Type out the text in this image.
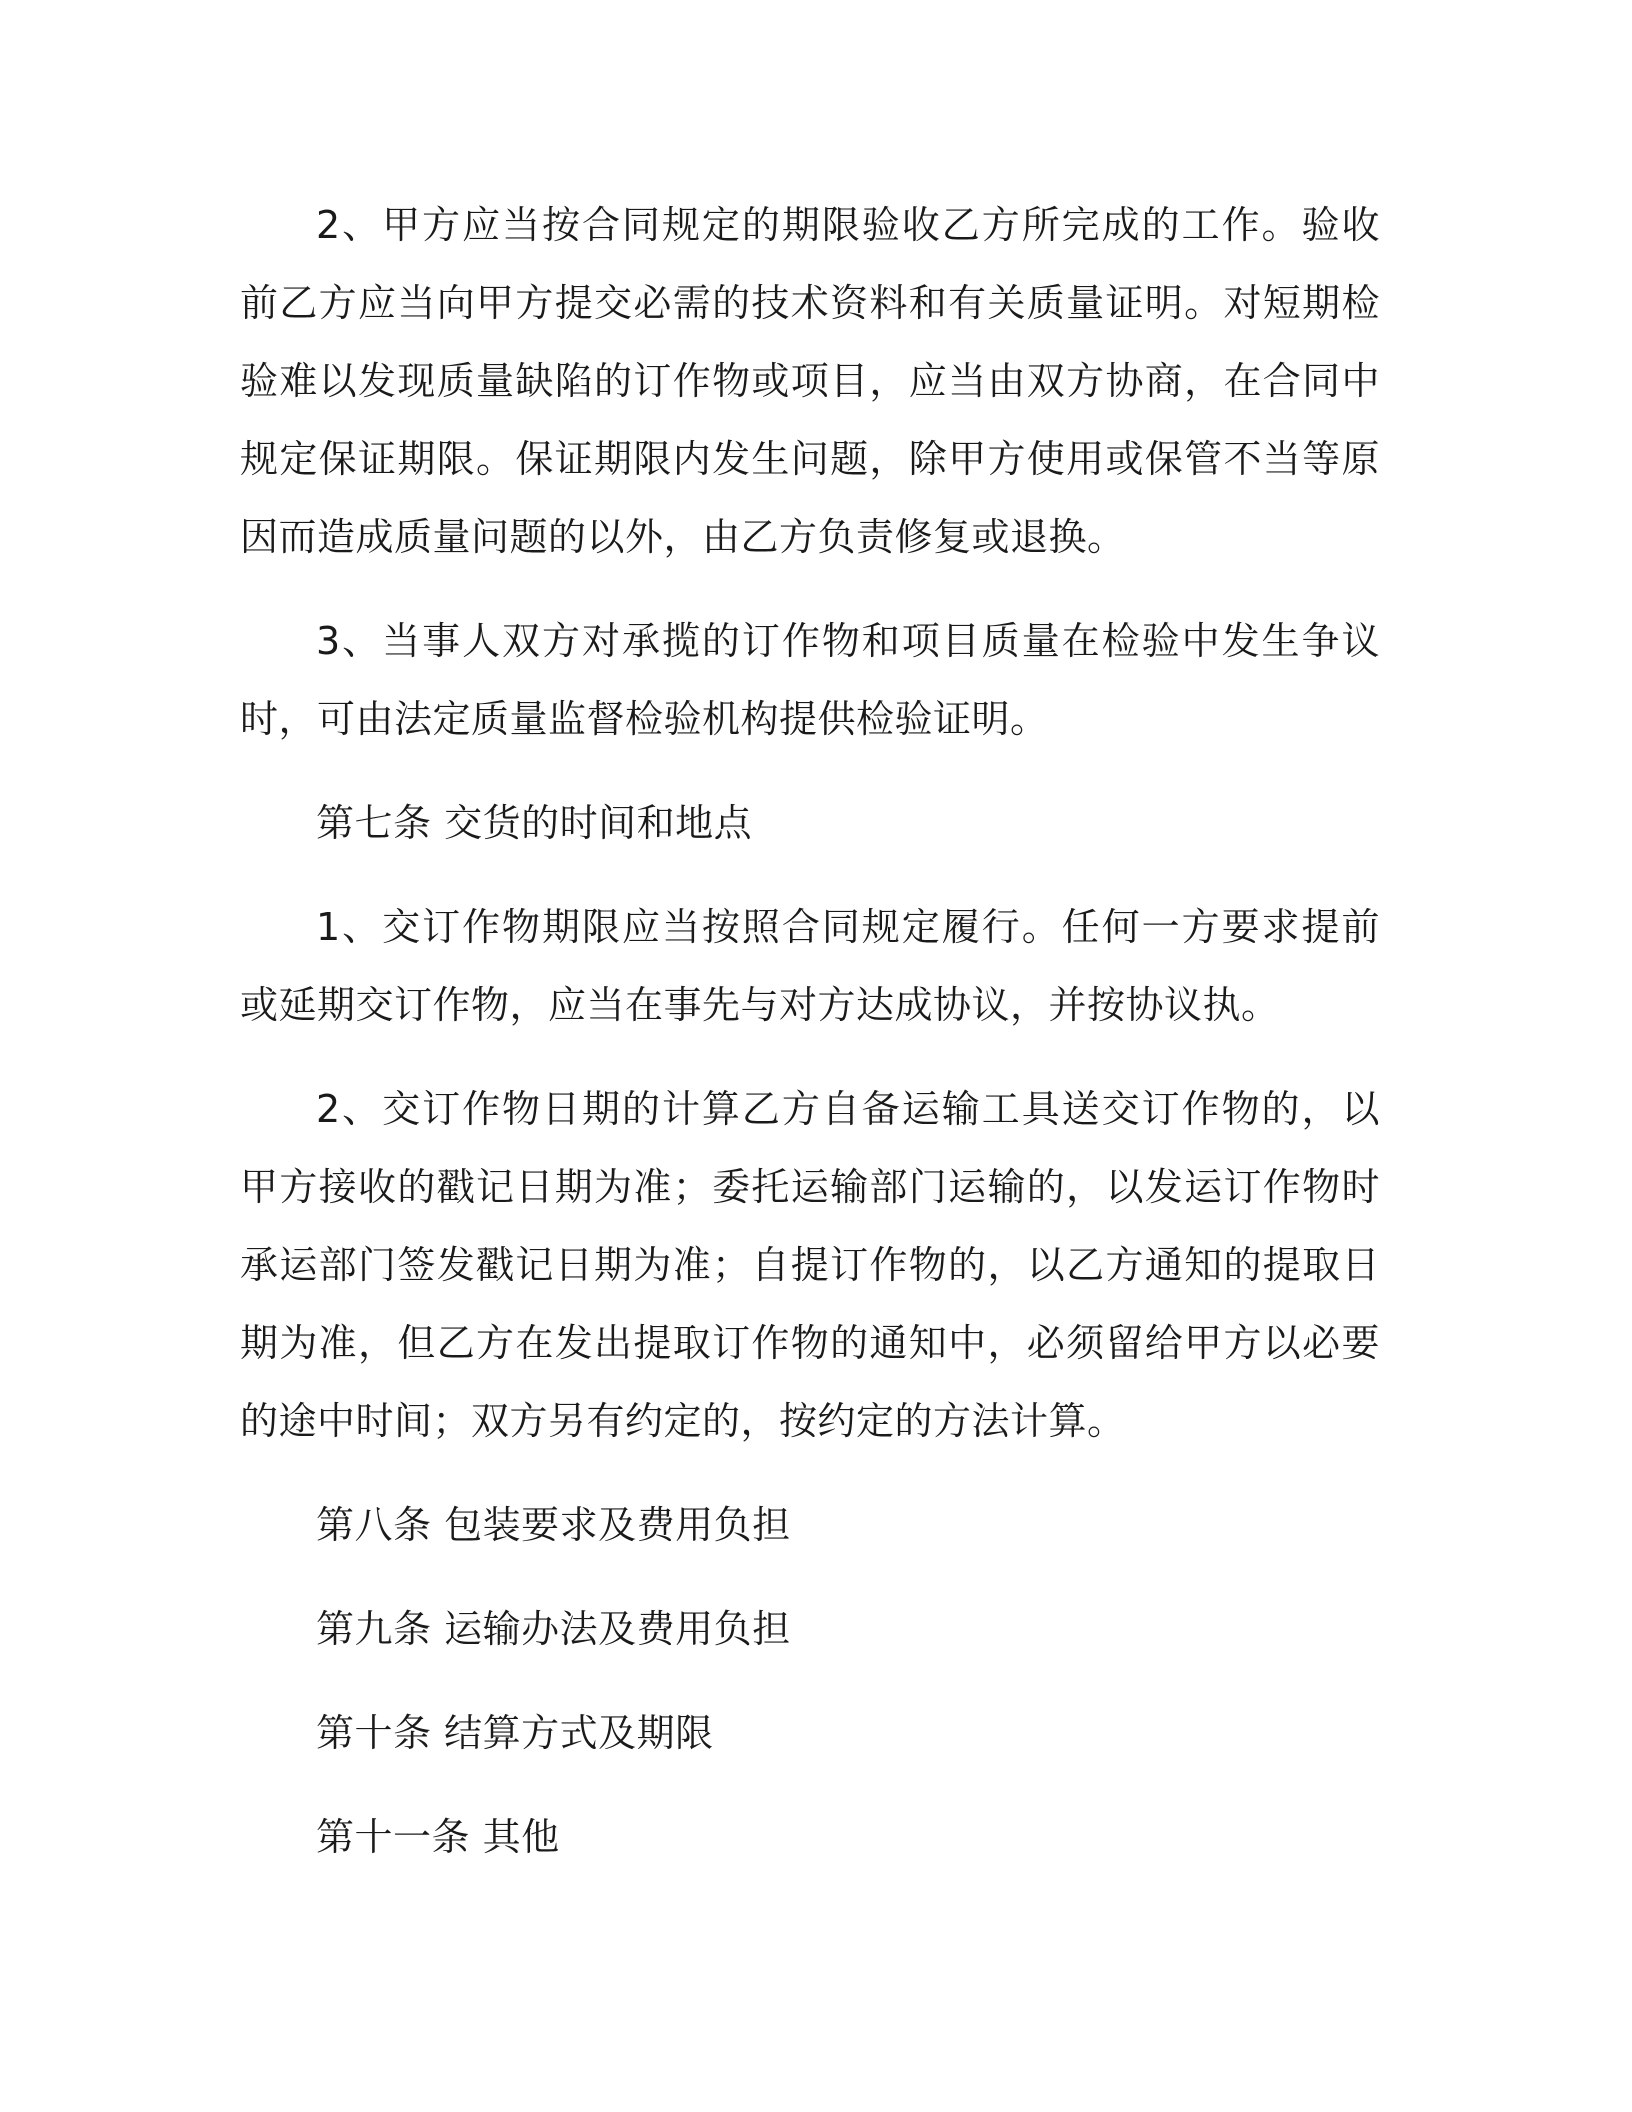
2、甲方应当按合同规定的期限验收乙方所完成的工作。验收前乙方应当向甲方提交必需的技术资料和有关质量证明。对短期检验难以发现质量缺陷的订作物或项目，应当由双方协商，在合同中规定保证期限。保证期限内发生问题，除甲方使用或保管不当等原因而造成质量问题的以外，由乙方负责修复或退换。

3、当事人双方对承揽的订作物和项目质量在检验中发生争议时，可由法定质量监督检验机构提供检验证明。

第七条 交货的时间和地点

1、交订作物期限应当按照合同规定履行。任何一方要求提前或延期交订作物，应当在事先与对方达成协议，并按协议执。

2、交订作物日期的计算乙方自备运输工具送交订作物的，以甲方接收的戳记日期为准；委托运输部门运输的，以发运订作物时承运部门签发戳记日期为准；自提订作物的，以乙方通知的提取日期为准，但乙方在发出提取订作物的通知中，必须留给甲方以必要的途中时间；双方另有约定的，按约定的方法计算。

第八条 包装要求及费用负担

第九条 运输办法及费用负担

第十条 结算方式及期限

第十一条 其他
